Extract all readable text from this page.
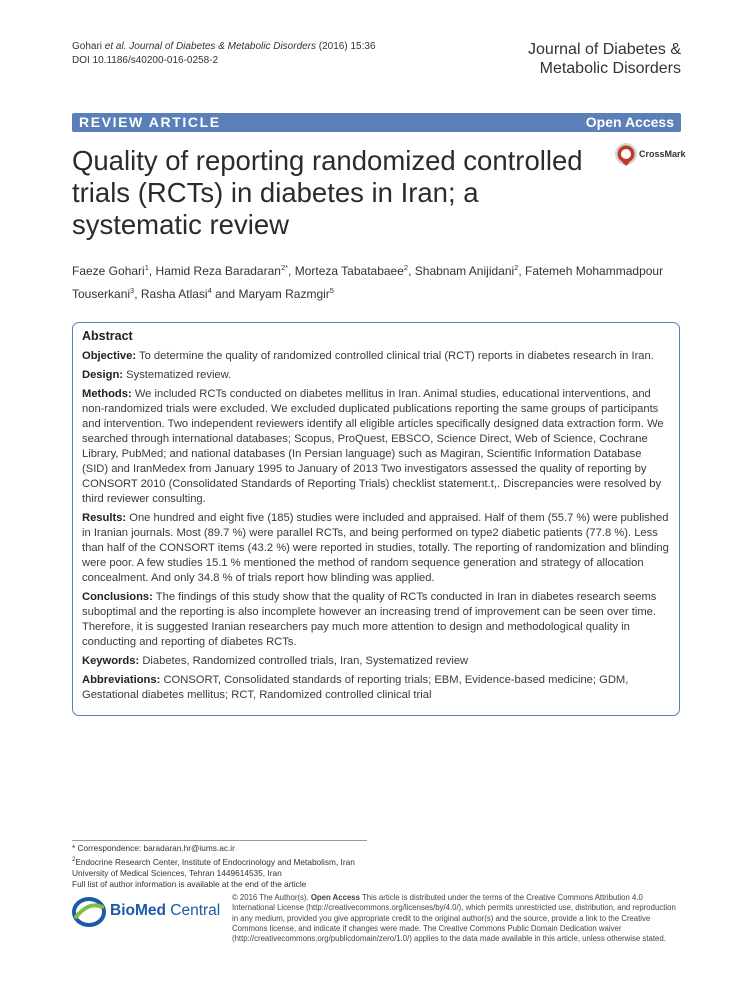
Gohari et al. Journal of Diabetes & Metabolic Disorders (2016) 15:36
DOI 10.1186/s40200-016-0258-2
Journal of Diabetes &
Metabolic Disorders
REVIEW ARTICLE	Open Access
Quality of reporting randomized controlled trials (RCTs) in diabetes in Iran; a systematic review
CrossMark
Faeze Gohari$^1$, Hamid Reza Baradaran$^{2*}$, Morteza Tabatabaee$^2$, Shabnam Anijidani$^2$, Fatemeh Mohammadpour Touserkani$^3$, Rasha Atlasi$^4$ and Maryam Razmgir$^5$
Abstract

Objective: To determine the quality of randomized controlled clinical trial (RCT) reports in diabetes research in Iran.

Design: Systematized review.

Methods: We included RCTs conducted on diabetes mellitus in Iran. Animal studies, educational interventions, and non-randomized trials were excluded. We excluded duplicated publications reporting the same groups of participants and intervention. Two independent reviewers identify all eligible articles specifically designed data extraction form. We searched through international databases; Scopus, ProQuest, EBSCO, Science Direct, Web of Science, Cochrane Library, PubMed; and national databases (In Persian language) such as Magiran, Scientific Information Database (SID) and IranMedex from January 1995 to January of 2013 Two investigators assessed the quality of reporting by CONSORT 2010 (Consolidated Standards of Reporting Trials) checklist statement.t,. Discrepancies were resolved by third reviewer consulting.

Results: One hundred and eight five (185) studies were included and appraised. Half of them (55.7 %) were published in Iranian journals. Most (89.7 %) were parallel RCTs, and being performed on type2 diabetic patients (77.8 %). Less than half of the CONSORT items (43.2 %) were reported in studies, totally. The reporting of randomization and blinding were poor. A few studies 15.1 % mentioned the method of random sequence generation and strategy of allocation concealment. And only 34.8 % of trials report how blinding was applied.

Conclusions: The findings of this study show that the quality of RCTs conducted in Iran in diabetes research seems suboptimal and the reporting is also incomplete however an increasing trend of improvement can be seen over time. Therefore, it is suggested Iranian researchers pay much more attention to design and methodological quality in conducting and reporting of diabetes RCTs.

Keywords: Diabetes, Randomized controlled trials, Iran, Systematized review

Abbreviations: CONSORT, Consolidated standards of reporting trials; EBM, Evidence-based medicine; GDM, Gestational diabetes mellitus; RCT, Randomized controlled clinical trial

* Correspondence: baradaran.hr@iums.ac.ir
$^2$Endocrine Research Center, Institute of Endocrinology and Metabolism, Iran
University of Medical Sciences, Tehran 1449614535, Iran
Full list of author information is available at the end of the article
BioMed Central
© 2016 The Author(s). Open Access This article is distributed under the terms of the Creative Commons Attribution 4.0 International License (http://creativecommons.org/licenses/by/4.0/), which permits unrestricted use, distribution, and reproduction in any medium, provided you give appropriate credit to the original author(s) and the source, provide a link to the Creative Commons license, and indicate if changes were made. The Creative Commons Public Domain Dedication waiver (http://creativecommons.org/publicdomain/zero/1.0/) applies to the data made available in this article, unless otherwise stated.
